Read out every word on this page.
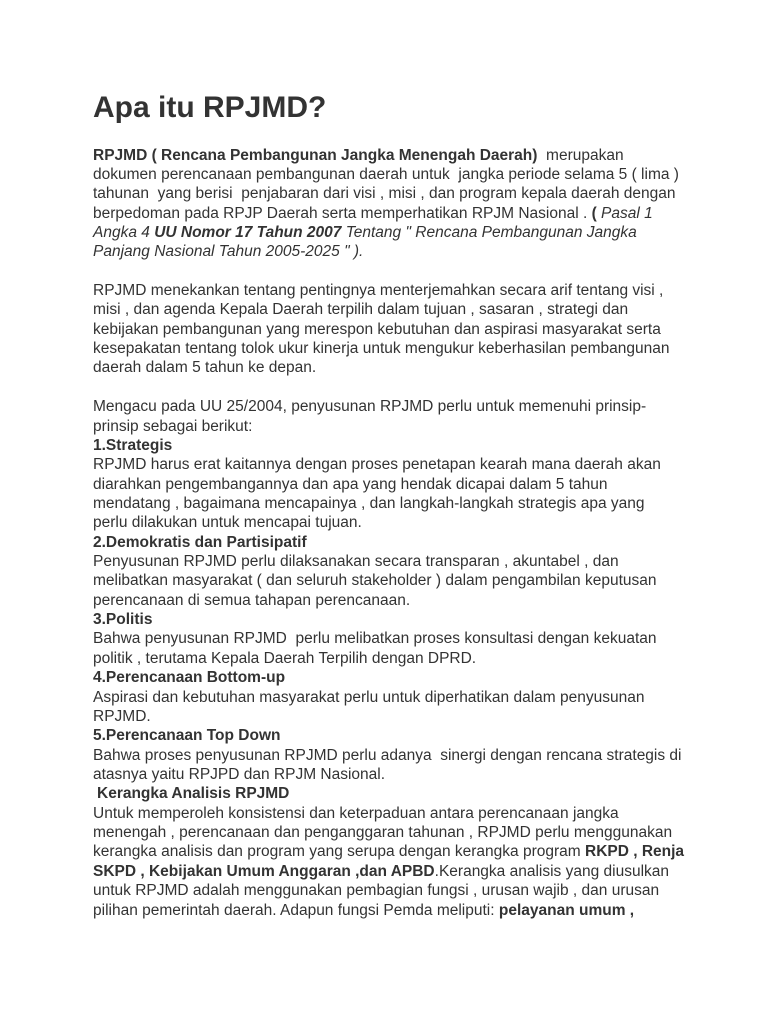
Apa itu RPJMD?
RPJMD ( Rencana Pembangunan Jangka Menengah Daerah)  merupakan
dokumen perencanaan pembangunan daerah untuk  jangka periode selama 5 ( lima )
tahunan  yang berisi  penjabaran dari visi , misi , dan program kepala daerah dengan
berpedoman pada RPJP Daerah serta memperhatikan RPJM Nasional . ( Pasal 1
Angka 4 UU Nomor 17 Tahun 2007 Tentang " Rencana Pembangunan Jangka
Panjang Nasional Tahun 2005-2025 " ).
RPJMD menekankan tentang pentingnya menterjemahkan secara arif tentang visi ,
misi , dan agenda Kepala Daerah terpilih dalam tujuan , sasaran , strategi dan
kebijakan pembangunan yang merespon kebutuhan dan aspirasi masyarakat serta
kesepakatan tentang tolok ukur kinerja untuk mengukur keberhasilan pembangunan
daerah dalam 5 tahun ke depan.
Mengacu pada UU 25/2004, penyusunan RPJMD perlu untuk memenuhi prinsip-
prinsip sebagai berikut:
1.Strategis
RPJMD harus erat kaitannya dengan proses penetapan kearah mana daerah akan
diarahkan pengembangannya dan apa yang hendak dicapai dalam 5 tahun
mendatang , bagaimana mencapainya , dan langkah-langkah strategis apa yang
perlu dilakukan untuk mencapai tujuan.
2.Demokratis dan Partisipatif
Penyusunan RPJMD perlu dilaksanakan secara transparan , akuntabel , dan
melibatkan masyarakat ( dan seluruh stakeholder ) dalam pengambilan keputusan
perencanaan di semua tahapan perencanaan.
3.Politis
Bahwa penyusunan RPJMD  perlu melibatkan proses konsultasi dengan kekuatan
politik , terutama Kepala Daerah Terpilih dengan DPRD.
4.Perencanaan Bottom-up
Aspirasi dan kebutuhan masyarakat perlu untuk diperhatikan dalam penyusunan
RPJMD.
5.Perencanaan Top Down
Bahwa proses penyusunan RPJMD perlu adanya  sinergi dengan rencana strategis di
atasnya yaitu RPJPD dan RPJM Nasional.
Kerangka Analisis RPJMD
Untuk memperoleh konsistensi dan keterpaduan antara perencanaan jangka
menengah , perencanaan dan penganggaran tahunan , RPJMD perlu menggunakan
kerangka analisis dan program yang serupa dengan kerangka program RKPD , Renja
SKPD , Kebijakan Umum Anggaran ,dan APBD.Kerangka analisis yang diusulkan
untuk RPJMD adalah menggunakan pembagian fungsi , urusan wajib , dan urusan
pilihan pemerintah daerah. Adapun fungsi Pemda meliputi: pelayanan umum ,
